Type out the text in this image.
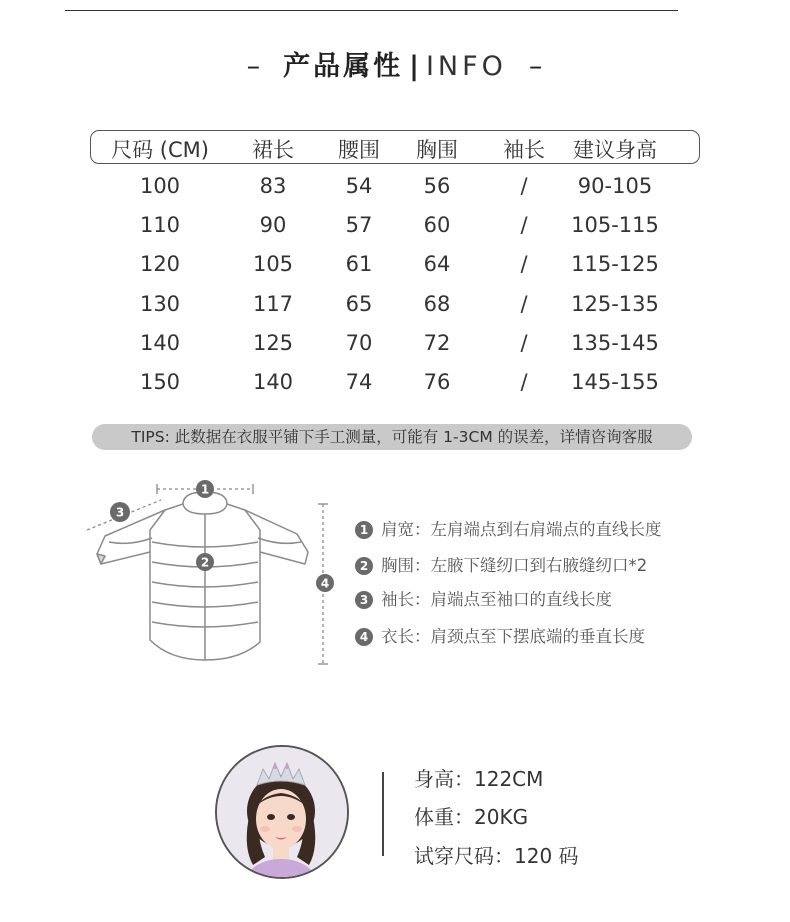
– 产品属性 | INFO –
尺码 (CM)	裙长	腰围	胸围	袖长	建议身高
100	83	54	56	/	90-105
110	90	57	60	/	105-115
120	105	61	64	/	115-125
130	117	65	68	/	125-135
140	125	70	72	/	135-145
150	140	74	76	/	145-155
TIPS: 此数据在衣服平铺下手工测量，可能有 1-3CM 的误差，详情咨询客服
1
2
3
4
1 肩宽：左肩端点到右肩端点的直线长度
2 胸围：左腋下缝纫口到右腋缝纫口*2
3 袖长：肩端点至袖口的直线长度
4 衣长：肩颈点至下摆底端的垂直长度
身高：122CM
体重：20KG
试穿尺码：120 码
